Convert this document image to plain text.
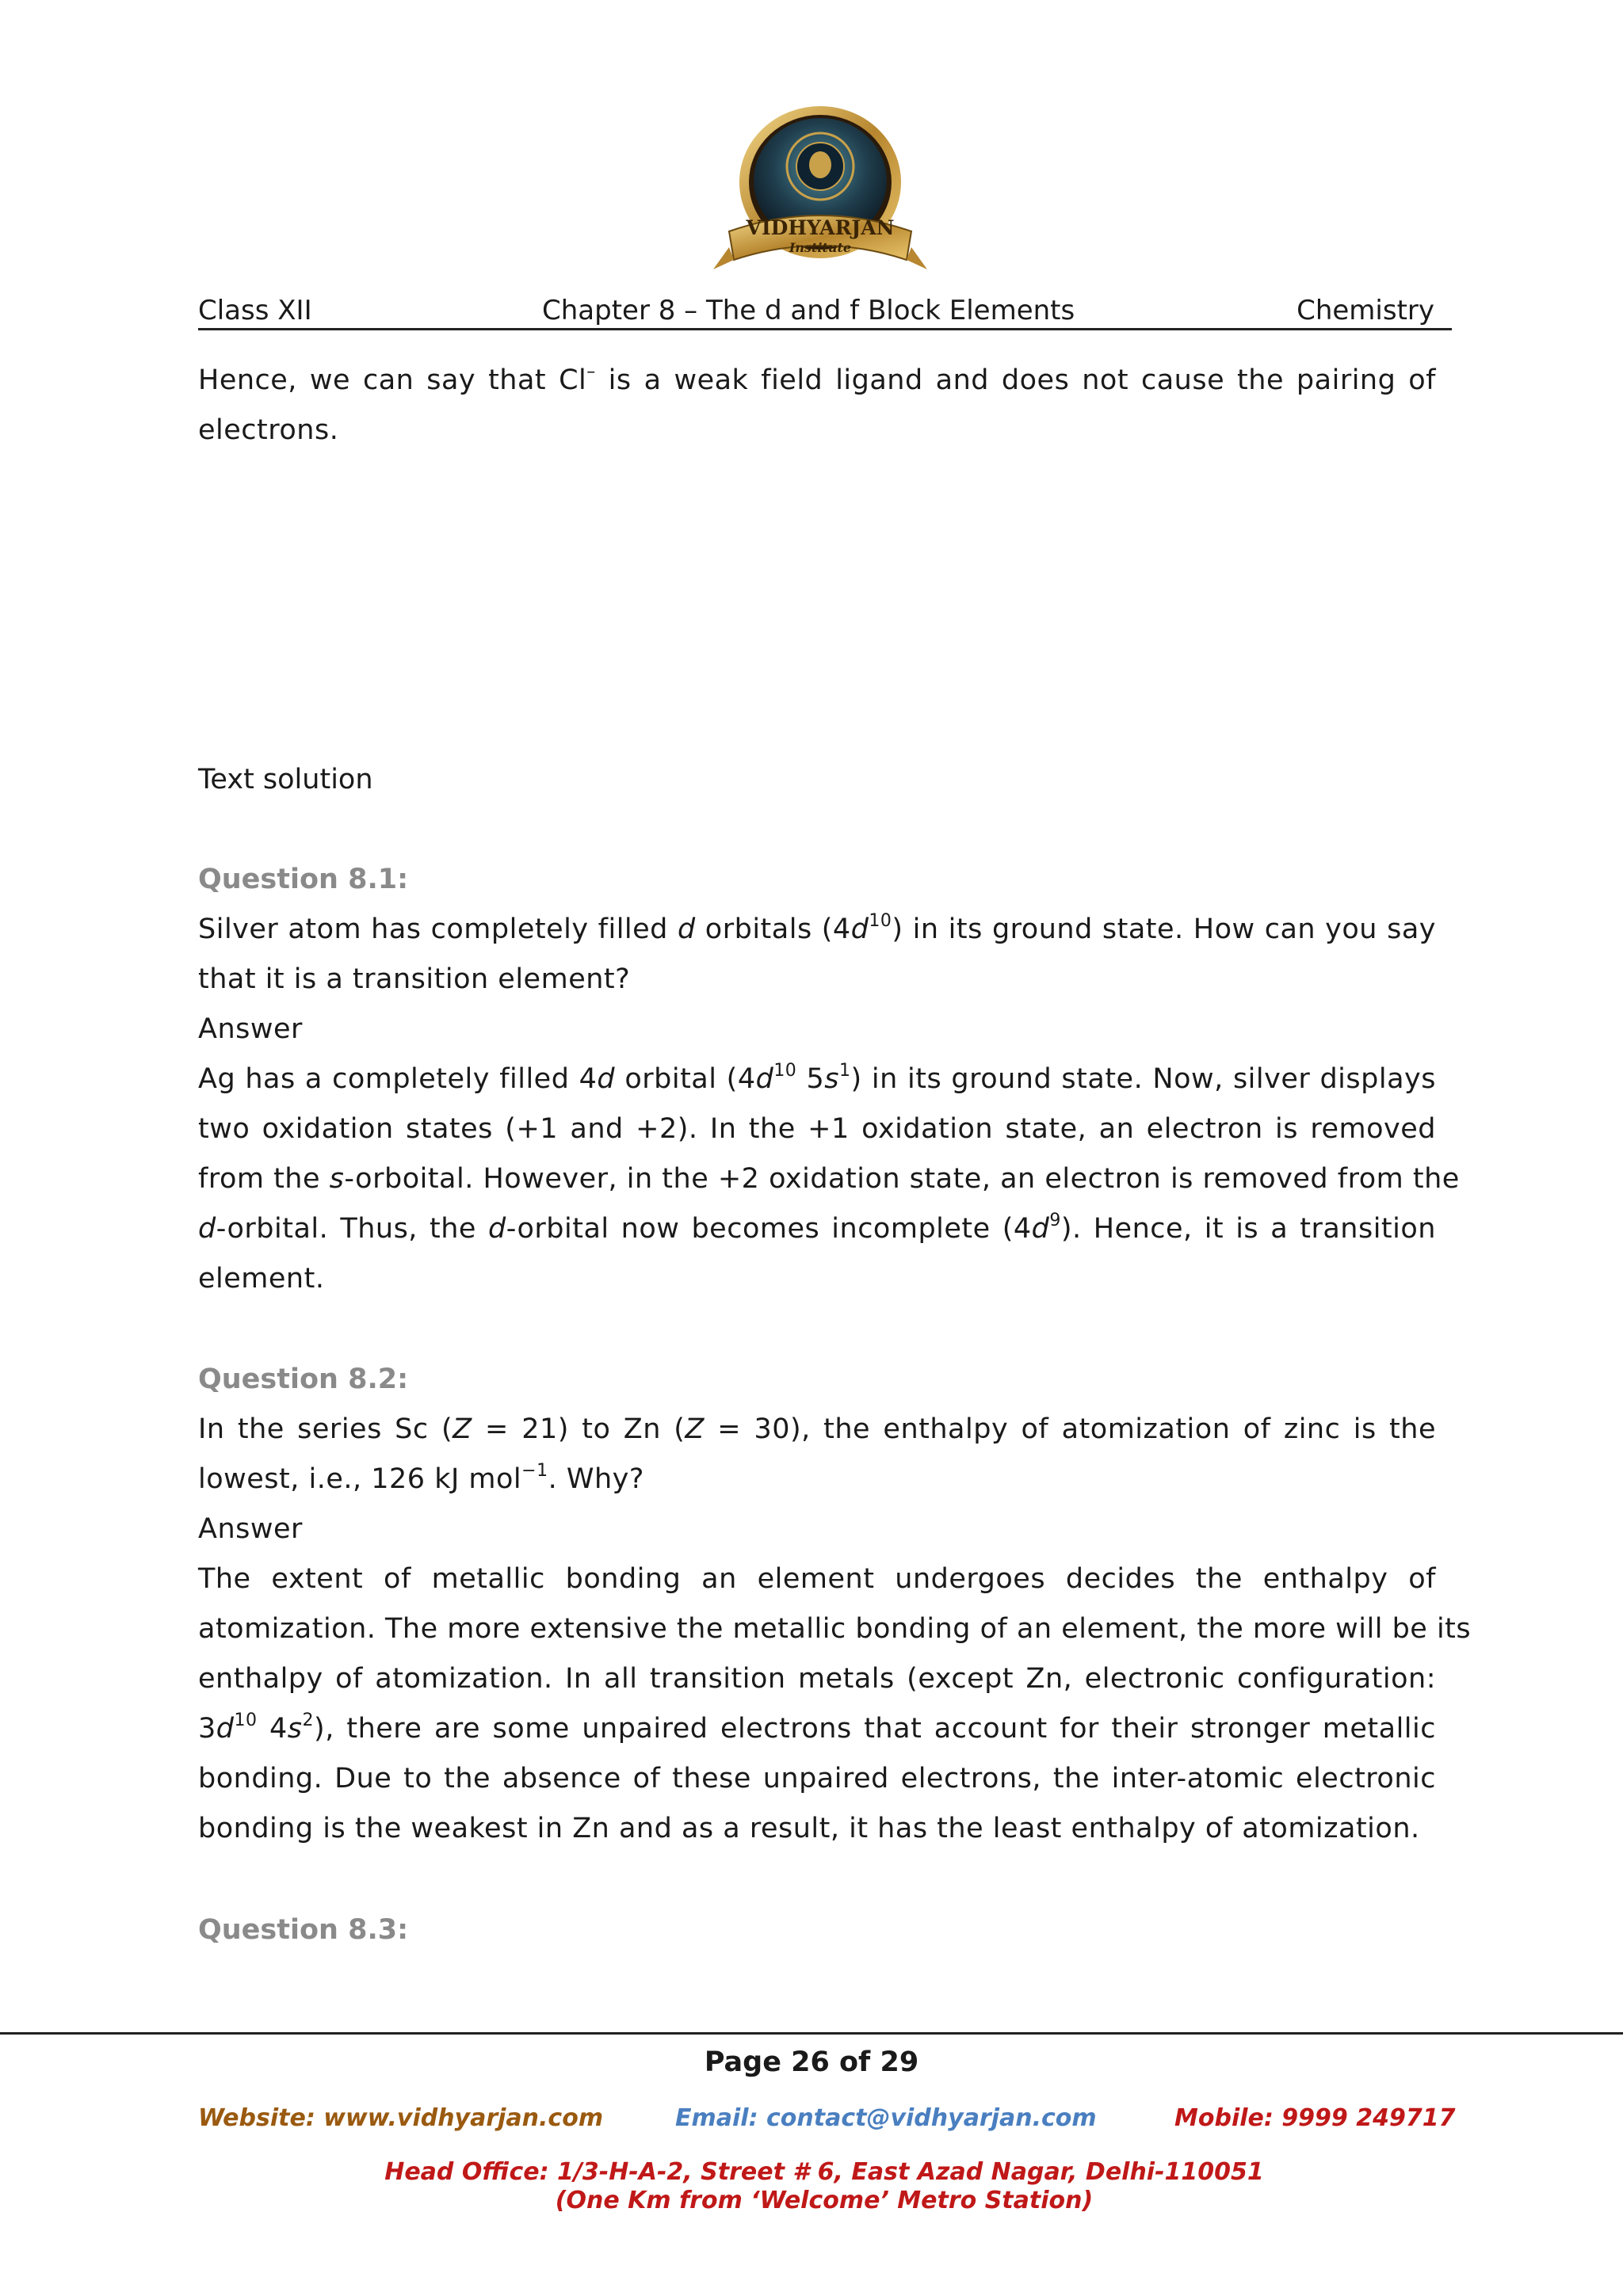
VIDHYARJAN
Institute
Class XII	Chapter 8 – The d and f Block Elements	Chemistry
Hence, we can say that Cl– is a weak field ligand and does not cause the pairing of
electrons.
Text solution
Question 8.1:
Silver atom has completely filled d orbitals $(4d^{10})$ in its ground state. How can you say
that it is a transition element?
Answer
Ag has a completely filled 4d orbital ($4d^{10}$ $5s^1$) in its ground state. Now, silver displays
two oxidation states (+1 and +2). In the +1 oxidation state, an electron is removed
from the s-orboital. However, in the +2 oxidation state, an electron is removed from the
d-orbital. Thus, the d-orbital now becomes incomplete $(4d^9)$. Hence, it is a transition
element.
Question 8.2:
In the series Sc (Z = 21) to Zn (Z = 30), the enthalpy of atomization of zinc is the
lowest, i.e., 126 kJ mol$^{-1}$. Why?
Answer
The extent of metallic bonding an element undergoes decides the enthalpy of
atomization. The more extensive the metallic bonding of an element, the more will be its
enthalpy of atomization. In all transition metals (except Zn, electronic configuration:
$3d^{10}$ $4s^2$), there are some unpaired electrons that account for their stronger metallic
bonding. Due to the absence of these unpaired electrons, the inter-atomic electronic
bonding is the weakest in Zn and as a result, it has the least enthalpy of atomization.
Question 8.3:
Page 26 of 29
Website: www.vidhyarjan.com	Email: contact@vidhyarjan.com	Mobile: 9999 249717
Head Office: 1/3-H-A-2, Street # 6, East Azad Nagar, Delhi-110051
(One Km from ‘Welcome’ Metro Station)
